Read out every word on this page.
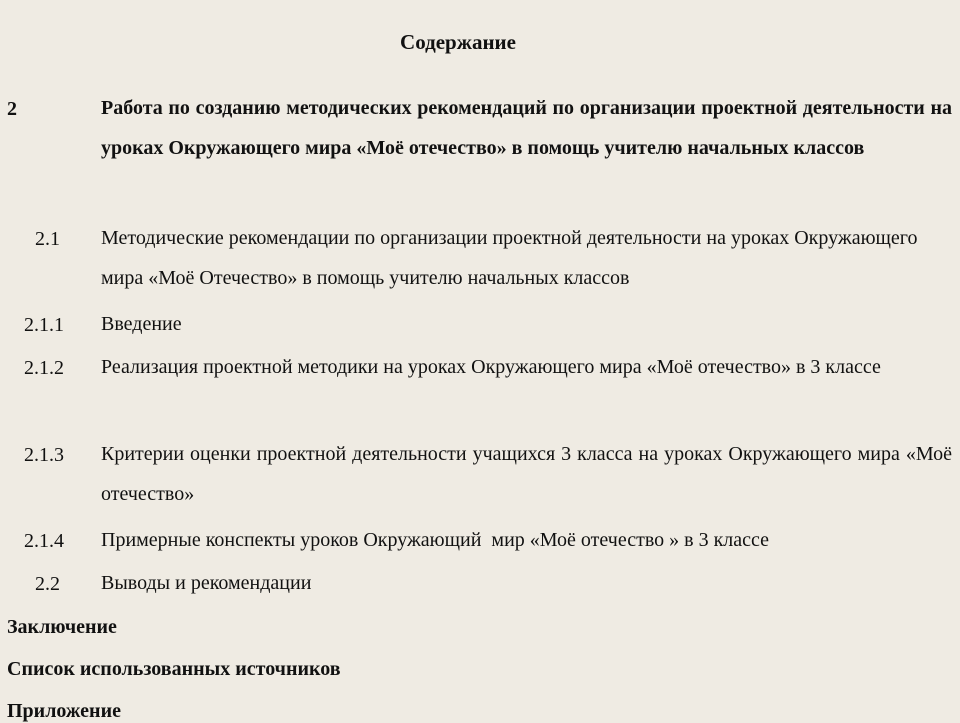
Содержание
2	Работа по созданию методических рекомендаций по организации проектной деятельности на уроках Окружающего мира «Моё отечество» в помощь учителю начальных классов
2.1 Методические рекомендации по организации проектной деятельности на уроках Окружающего мира «Моё Отечество» в помощь учителю начальных классов
2.1.1 Введение
2.1.2 Реализация проектной методики на уроках Окружающего мира «Моё отечество» в 3 классе
2.1.3 Критерии оценки проектной деятельности учащихся 3 класса на уроках Окружающего мира «Моё отечество»
2.1.4 Примерные конспекты уроков Окружающий  мир «Моё отечество » в 3 классе
2.2 Выводы и рекомендации
Заключение
Список использованных источников
Приложение
